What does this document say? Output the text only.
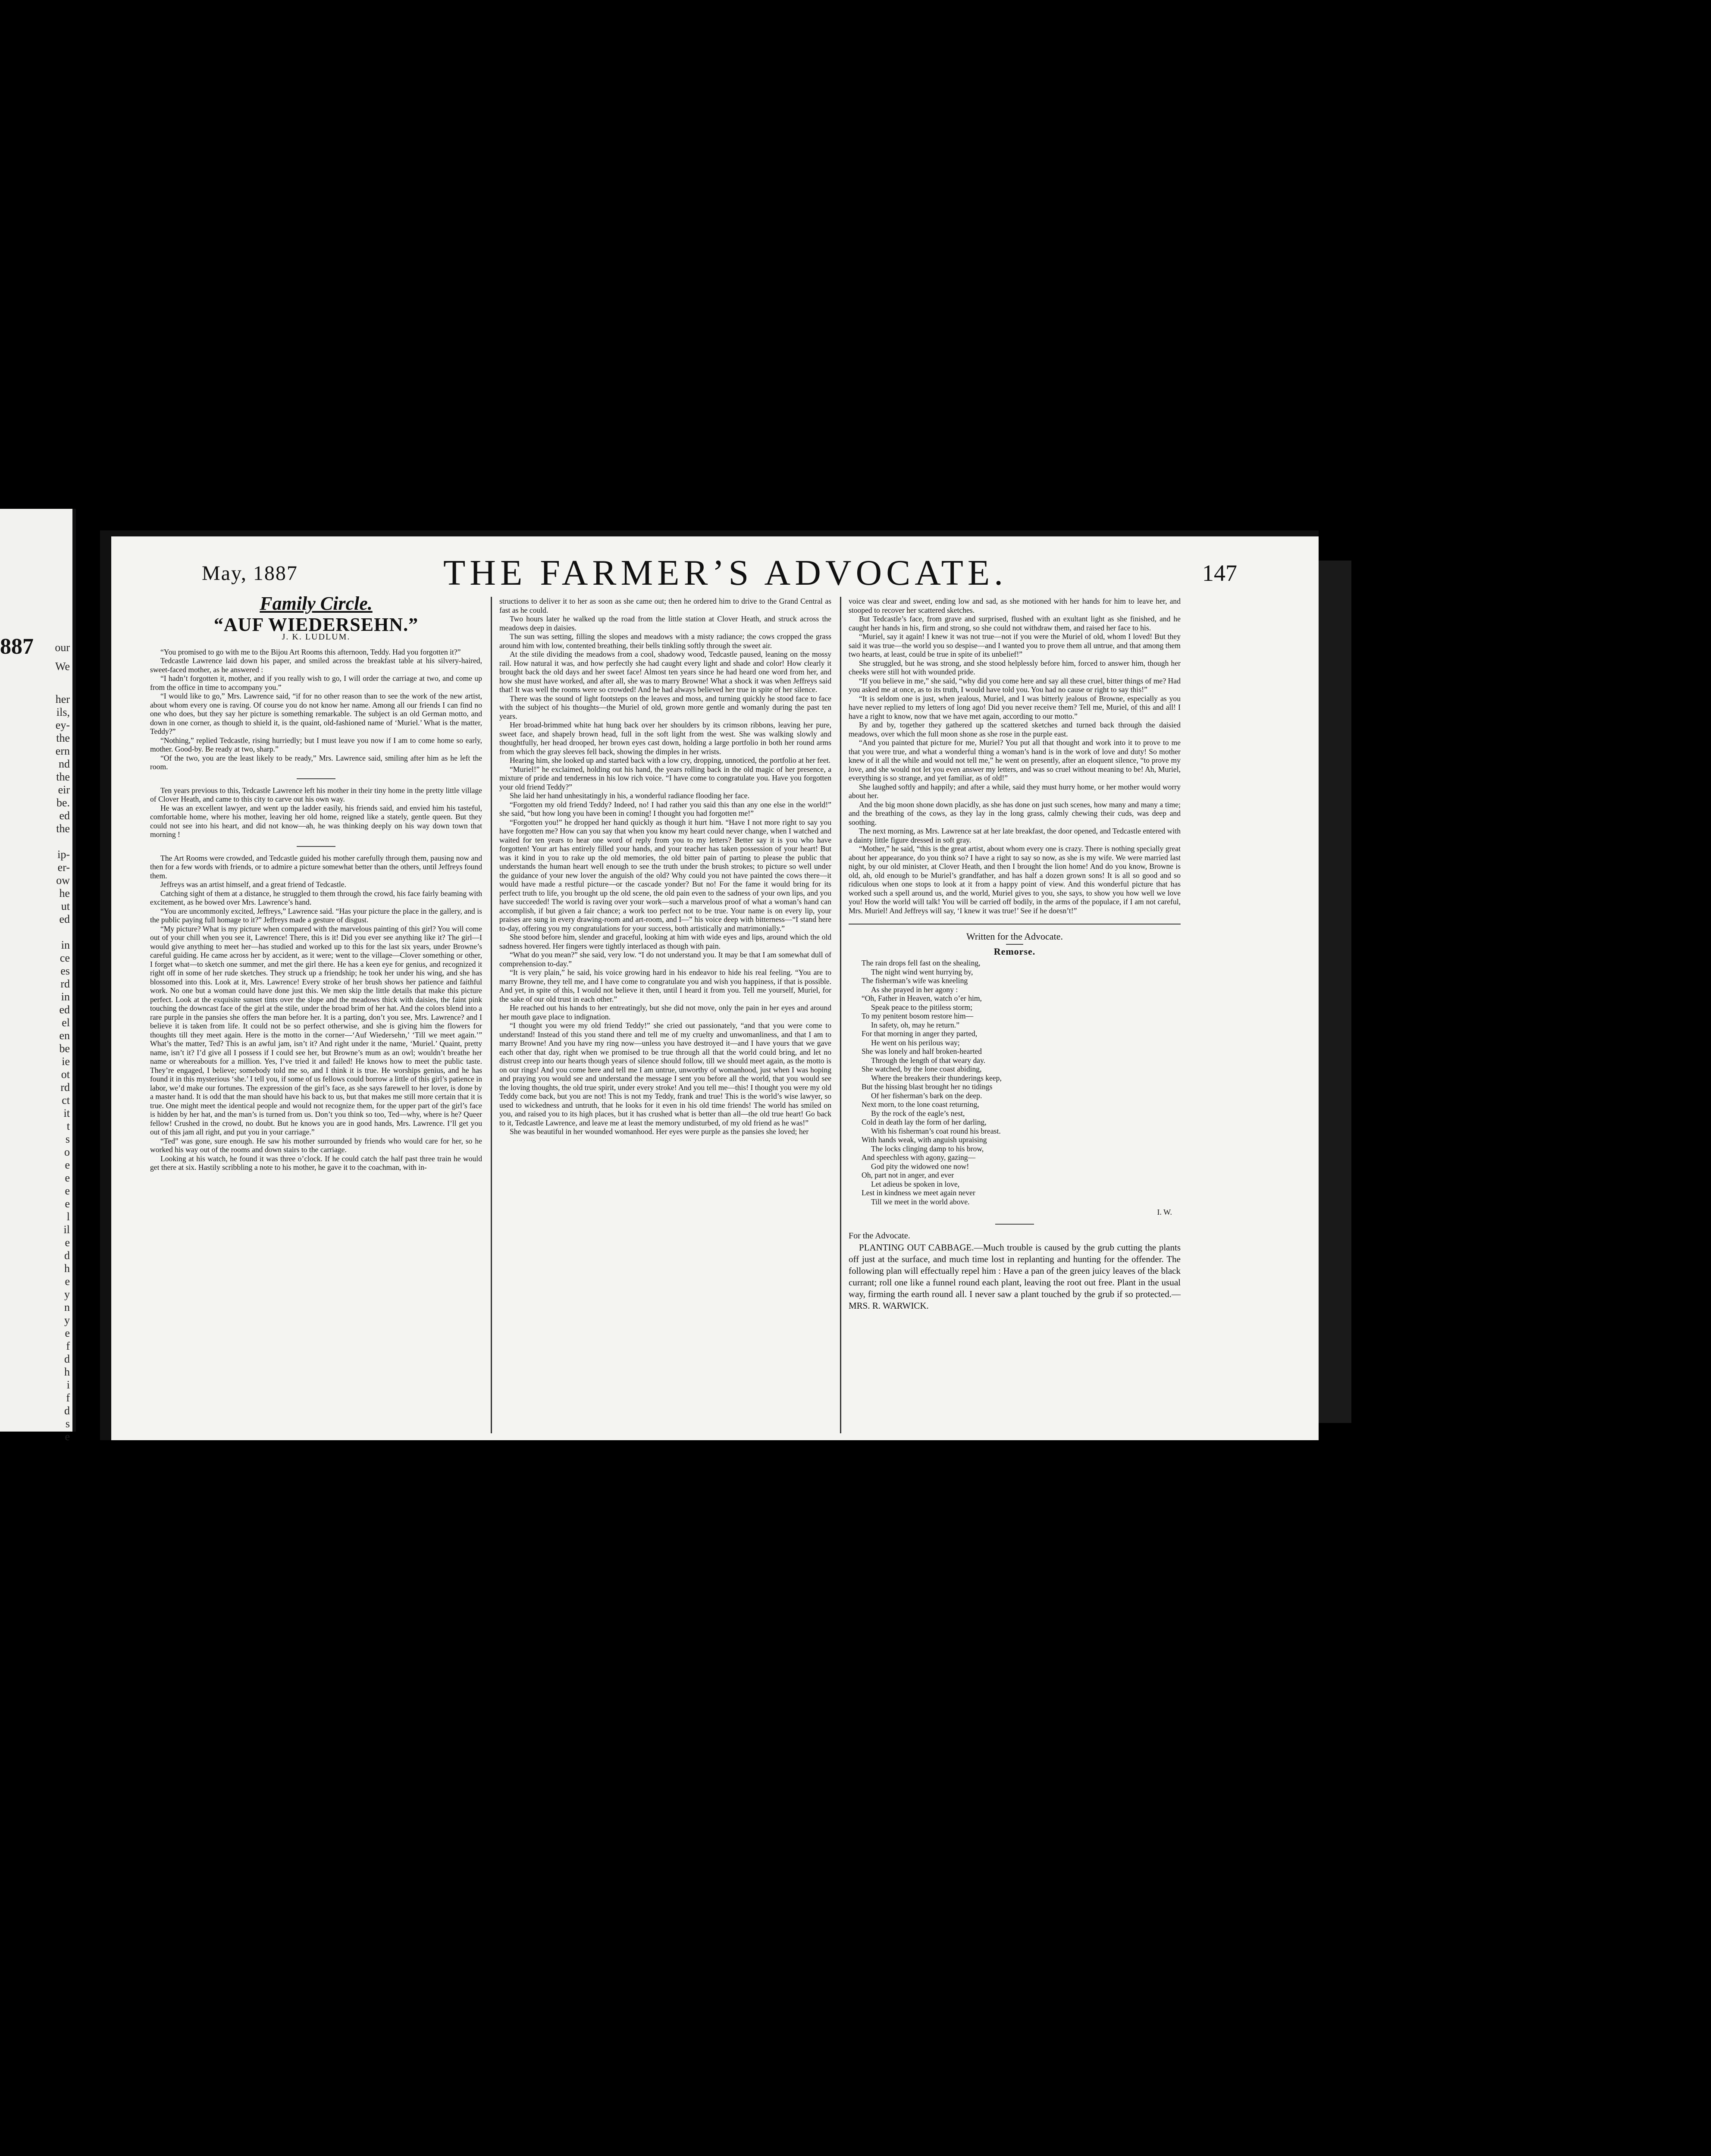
887 our
We
her
ils,
ey-
the
ern
nd
the
eir
be.
ed
the
ip-
er-
ow
he
ut
ed
in
ce
es
rd
in
ed
el
en
be
ie
ot
rd
ct
it
t
s
o
e
e
e
e
l
il
e
d
h
e
y
n
y
e
f
d
h
i
f
d
s
e
May, 1887	THE FARMER’S ADVOCATE.	147
Family Circle.
“AUF WIEDERSEHN.”
J. K. LUDLUM.

“You promised to go with me to the Bijou Art Rooms this afternoon, Teddy. Had you forgotten it?”

Tedcastle Lawrence laid down his paper, and smiled across the breakfast table at his silvery-haired, sweet-faced mother, as he answered :

“I hadn’t forgotten it, mother, and if you really wish to go, I will order the carriage at two, and come up from the office in time to accompany you.”

“I would like to go,” Mrs. Lawrence said, “if for no other reason than to see the work of the new artist, about whom every one is raving. Of course you do not know her name. Among all our friends I can find no one who does, but they say her picture is something remarkable. The subject is an old German motto, and down in one corner, as though to shield it, is the quaint, old-fashioned name of ‘Muriel.’ What is the matter, Teddy?”

“Nothing,” replied Tedcastle, rising hurriedly; but I must leave you now if I am to come home so early, mother. Good-by. Be ready at two, sharp.”

“Of the two, you are the least likely to be ready,” Mrs. Lawrence said, smiling after him as he left the room.

Ten years previous to this, Tedcastle Lawrence left his mother in their tiny home in the pretty little village of Clover Heath, and came to this city to carve out his own way.

He was an excellent lawyer, and went up the ladder easily, his friends said, and envied him his tasteful, comfortable home, where his mother, leaving her old home, reigned like a stately, gentle queen. But they could not see into his heart, and did not know—ah, he was thinking deeply on his way down town that morning !

The Art Rooms were crowded, and Tedcastle guided his mother carefully through them, pausing now and then for a few words with friends, or to admire a picture somewhat better than the others, until Jeffreys found them.

Jeffreys was an artist himself, and a great friend of Tedcastle.

Catching sight of them at a distance, he struggled to them through the crowd, his face fairly beaming with excitement, as he bowed over Mrs. Lawrence’s hand.

“You are uncommonly excited, Jeffreys,” Lawrence said. “Has your picture the place in the gallery, and is the public paying full homage to it?” Jeffreys made a gesture of disgust.

“My picture? What is my picture when compared with the marvelous painting of this girl? You will come out of your chill when you see it, Lawrence! There, this is it! Did you ever see anything like it? The girl—I would give anything to meet her—has studied and worked up to this for the last six years, under Browne’s careful guiding. He came across her by accident, as it were; went to the village—Clover something or other, I forget what—to sketch one summer, and met the girl there. He has a keen eye for genius, and recognized it right off in some of her rude sketches. They struck up a friendship; he took her under his wing, and she has blossomed into this. Look at it, Mrs. Lawrence! Every stroke of her brush shows her patience and faithful work. No one but a woman could have done just this. We men skip the little details that make this picture perfect. Look at the exquisite sunset tints over the slope and the meadows thick with daisies, the faint pink touching the downcast face of the girl at the stile, under the broad brim of her hat. And the colors blend into a rare purple in the pansies she offers the man before her. It is a parting, don’t you see, Mrs. Lawrence? and I believe it is taken from life. It could not be so perfect otherwise, and she is giving him the flowers for thoughts till they meet again. Here is the motto in the corner—‘Auf Wiedersehn,’ ‘Till we meet again.’” What’s the matter, Ted? This is an awful jam, isn’t it? And right under it the name, ‘Muriel.’ Quaint, pretty name, isn’t it? I’d give all I possess if I could see her, but Browne’s mum as an owl; wouldn’t breathe her name or whereabouts for a million. Yes, I’ve tried it and failed! He knows how to meet the public taste. They’re engaged, I believe; somebody told me so, and I think it is true. He worships genius, and he has found it in this mysterious ‘she.’ I tell you, if some of us fellows could borrow a little of this girl’s patience in labor, we’d make our fortunes. The expression of the girl’s face, as she says farewell to her lover, is done by a master hand. It is odd that the man should have his back to us, but that makes me still more certain that it is true. One might meet the identical people and would not recognize them, for the upper part of the girl’s face is hidden by her hat, and the man’s is turned from us. Don’t you think so too, Ted—why, where is he? Queer fellow! Crushed in the crowd, no doubt. But he knows you are in good hands, Mrs. Lawrence. I’ll get you out of this jam all right, and put you in your carriage.”

“Ted” was gone, sure enough. He saw his mother surrounded by friends who would care for her, so he worked his way out of the rooms and down stairs to the carriage.

Looking at his watch, he found it was three o’clock. If he could catch the half past three train he would get there at six. Hastily scribbling a note to his mother, he gave it to the coachman, with in-

structions to deliver it to her as soon as she came out; then he ordered him to drive to the Grand Central as fast as he could.

Two hours later he walked up the road from the little station at Clover Heath, and struck across the meadows deep in daisies.

The sun was setting, filling the slopes and meadows with a misty radiance; the cows cropped the grass around him with low, contented breathing, their bells tinkling softly through the sweet air.

At the stile dividing the meadows from a cool, shadowy wood, Tedcastle paused, leaning on the mossy rail. How natural it was, and how perfectly she had caught every light and shade and color! How clearly it brought back the old days and her sweet face! Almost ten years since he had heard one word from her, and how she must have worked, and after all, she was to marry Browne! What a shock it was when Jeffreys said that! It was well the rooms were so crowded! And he had always believed her true in spite of her silence.

There was the sound of light footsteps on the leaves and moss, and turning quickly he stood face to face with the subject of his thoughts—the Muriel of old, grown more gentle and womanly during the past ten years.

Her broad-brimmed white hat hung back over her shoulders by its crimson ribbons, leaving her pure, sweet face, and shapely brown head, full in the soft light from the west. She was walking slowly and thoughtfully, her head drooped, her brown eyes cast down, holding a large portfolio in both her round arms from which the gray sleeves fell back, showing the dimples in her wrists.

Hearing him, she looked up and started back with a low cry, dropping, unnoticed, the portfolio at her feet.

“Muriel!” he exclaimed, holding out his hand, the years rolling back in the old magic of her presence, a mixture of pride and tenderness in his low rich voice. “I have come to congratulate you. Have you forgotten your old friend Teddy?”

She laid her hand unhesitatingly in his, a wonderful radiance flooding her face.

“Forgotten my old friend Teddy? Indeed, no! I had rather you said this than any one else in the world!” she said, “but how long you have been in coming! I thought you had forgotten me!”

“Forgotten you!” he dropped her hand quickly as though it hurt him. “Have I not more right to say you have forgotten me? How can you say that when you know my heart could never change, when I watched and waited for ten years to hear one word of reply from you to my letters? Better say it is you who have forgotten! Your art has entirely filled your hands, and your teacher has taken possession of your heart! But was it kind in you to rake up the old memories, the old bitter pain of parting to please the public that understands the human heart well enough to see the truth under the brush strokes; to picture so well under the guidance of your new lover the anguish of the old? Why could you not have painted the cows there—it would have made a restful picture—or the cascade yonder? But no! For the fame it would bring for its perfect truth to life, you brought up the old scene, the old pain even to the sadness of your own lips, and you have succeeded! The world is raving over your work—such a marvelous proof of what a woman’s hand can accomplish, if but given a fair chance; a work too perfect not to be true. Your name is on every lip, your praises are sung in every drawing-room and art-room, and I—” his voice deep with bitterness—“I stand here to-day, offering you my congratulations for your success, both artistically and matrimonially.”

She stood before him, slender and graceful, looking at him with wide eyes and lips, around which the old sadness hovered. Her fingers were tightly interlaced as though with pain.

“What do you mean?” she said, very low. “I do not understand you. It may be that I am somewhat dull of comprehension to-day.”

“It is very plain,” he said, his voice growing hard in his endeavor to hide his real feeling. “You are to marry Browne, they tell me, and I have come to congratulate you and wish you happiness, if that is possible. And yet, in spite of this, I would not believe it then, until I heard it from you. Tell me yourself, Muriel, for the sake of our old trust in each other.”

He reached out his hands to her entreatingly, but she did not move, only the pain in her eyes and around her mouth gave place to indignation.

“I thought you were my old friend Teddy!” she cried out passionately, “and that you were come to understand! Instead of this you stand there and tell me of my cruelty and unwomanliness, and that I am to marry Browne! And you have my ring now—unless you have destroyed it—and I have yours that we gave each other that day, right when we promised to be true through all that the world could bring, and let no distrust creep into our hearts though years of silence should follow, till we should meet again, as the motto is on our rings! And you come here and tell me I am untrue, unworthy of womanhood, just when I was hoping and praying you would see and understand the message I sent you before all the world, that you would see the loving thoughts, the old true spirit, under every stroke! And you tell me—this! I thought you were my old Teddy come back, but you are not! This is not my Teddy, frank and true! This is the world’s wise lawyer, so used to wickedness and untruth, that he looks for it even in his old time friends! The world has smiled on you, and raised you to its high places, but it has crushed what is better than all—the old true heart! Go back to it, Tedcastle Lawrence, and leave me at least the memory undisturbed, of my old friend as he was!”

She was beautiful in her wounded womanhood. Her eyes were purple as the pansies she loved; her

voice was clear and sweet, ending low and sad, as she motioned with her hands for him to leave her, and stooped to recover her scattered sketches.

But Tedcastle’s face, from grave and surprised, flushed with an exultant light as she finished, and he caught her hands in his, firm and strong, so she could not withdraw them, and raised her face to his.

“Muriel, say it again! I knew it was not true—not if you were the Muriel of old, whom I loved! But they said it was true—the world you so despise—and I wanted you to prove them all untrue, and that among them two hearts, at least, could be true in spite of its unbelief!”

She struggled, but he was strong, and she stood helplessly before him, forced to answer him, though her cheeks were still hot with wounded pride.

“If you believe in me,” she said, “why did you come here and say all these cruel, bitter things of me? Had you asked me at once, as to its truth, I would have told you. You had no cause or right to say this!”

“It is seldom one is just, when jealous, Muriel, and I was bitterly jealous of Browne, especially as you have never replied to my letters of long ago! Did you never receive them? Tell me, Muriel, of this and all! I have a right to know, now that we have met again, according to our motto.”

By and by, together they gathered up the scattered sketches and turned back through the daisied meadows, over which the full moon shone as she rose in the purple east.

“And you painted that picture for me, Muriel? You put all that thought and work into it to prove to me that you were true, and what a wonderful thing a woman’s hand is in the work of love and duty! So mother knew of it all the while and would not tell me,” he went on presently, after an eloquent silence, “to prove my love, and she would not let you even answer my letters, and was so cruel without meaning to be! Ah, Muriel, everything is so strange, and yet familiar, as of old!”

She laughed softly and happily; and after a while, said they must hurry home, or her mother would worry about her.

And the big moon shone down placidly, as she has done on just such scenes, how many and many a time; and the breathing of the cows, as they lay in the long grass, calmly chewing their cuds, was deep and soothing.

The next morning, as Mrs. Lawrence sat at her late breakfast, the door opened, and Tedcastle entered with a dainty little figure dressed in soft gray.

“Mother,” he said, “this is the great artist, about whom every one is crazy. There is nothing specially great about her appearance, do you think so? I have a right to say so now, as she is my wife. We were married last night, by our old minister, at Clover Heath, and then I brought the lion home! And do you know, Browne is old, ah, old enough to be Muriel’s grandfather, and has half a dozen grown sons! It is all so good and so ridiculous when one stops to look at it from a happy point of view. And this wonderful picture that has worked such a spell around us, and the world, Muriel gives to you, she says, to show you how well we love you! How the world will talk! You will be carried off bodily, in the arms of the populace, if I am not careful, Mrs. Muriel! And Jeffreys will say, ‘I knew it was true!’ See if he doesn’t!”

Written for the Advocate.
Remorse.
The rain drops fell fast on the shealing,
The night wind went hurrying by,
The fisherman’s wife was kneeling
As she prayed in her agony :
“Oh, Father in Heaven, watch o’er him,
Speak peace to the pitiless storm;
To my penitent bosom restore him—
In safety, oh, may he return.”
For that morning in anger they parted,
He went on his perilous way;
She was lonely and half broken-hearted
Through the length of that weary day.
She watched, by the lone coast abiding,
Where the breakers their thunderings keep,
But the hissing blast brought her no tidings
Of her fisherman’s bark on the deep.
Next morn, to the lone coast returning,
By the rock of the eagle’s nest,
Cold in death lay the form of her darling,
With his fisherman’s coat round his breast.
With hands weak, with anguish upraising
The locks clinging damp to his brow,
And speechless with agony, gazing—
God pity the widowed one now!
Oh, part not in anger, and ever
Let adieus be spoken in love,
Lest in kindness we meet again never
Till we meet in the world above.
I. W.
For the Advocate.

PLANTING OUT CABBAGE.—Much trouble is caused by the grub cutting the plants off just at the surface, and much time lost in replanting and hunting for the offender. The following plan will effectually repel him : Have a pan of the green juicy leaves of the black currant; roll one like a funnel round each plant, leaving the root out free. Plant in the usual way, firming the earth round all. I never saw a plant touched by the grub if so protected.—MRS. R. WARWICK.
